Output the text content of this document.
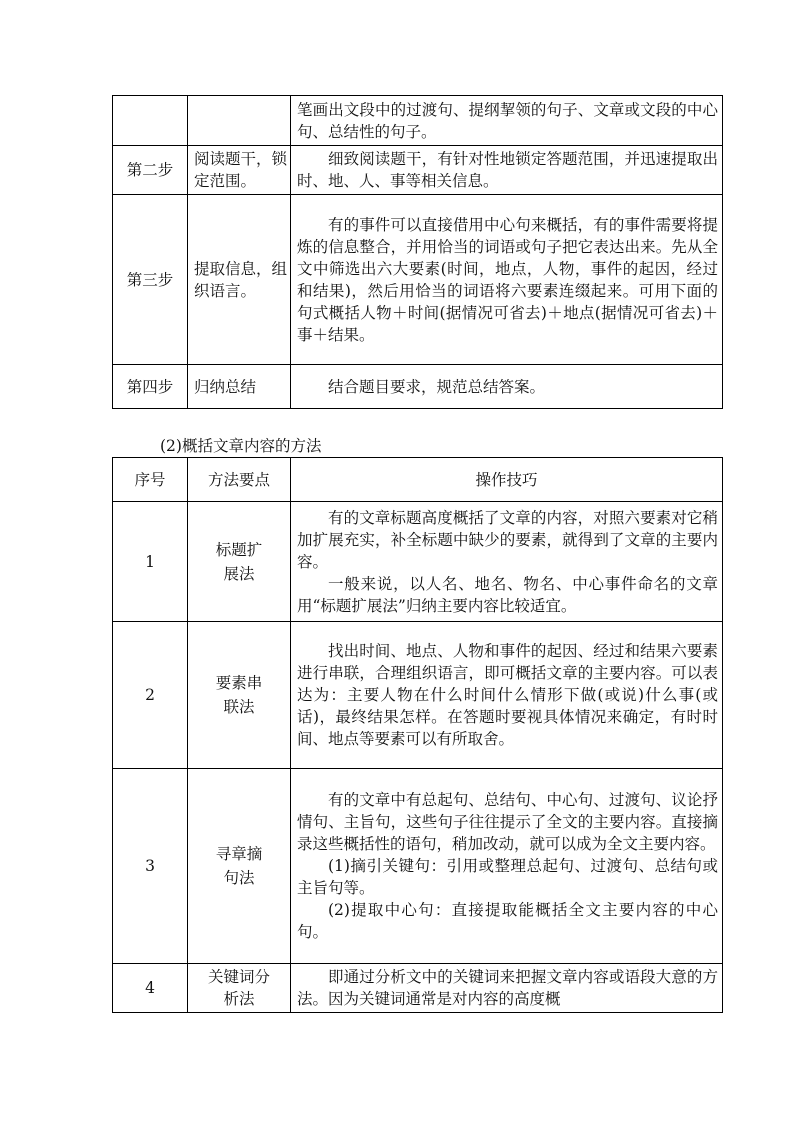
		笔画出文段中的过渡句、提纲挈领的句子、文章或文段的中心句、总结性的句子。

第二步	阅读题干，锁定范围。	细致阅读题干，有针对性地锁定答题范围，并迅速提取出时、地、人、事等相关信息。

第三步	提取信息，组织语言。	有的事件可以直接借用中心句来概括，有的事件需要将提炼的信息整合，并用恰当的词语或句子把它表达出来。先从全文中筛选出六大要素(时间，地点，人物，事件的起因，经过和结果)，然后用恰当的词语将六要素连缀起来。可用下面的句式概括人物＋时间(据情况可省去)＋地点(据情况可省去)＋事＋结果。

第四步	归纳总结	结合题目要求，规范总结答案。

(2)概括文章内容的方法

序号	方法要点	操作技巧
1	标题扩展法	有的文章标题高度概括了文章的内容，对照六要素对它稍加扩展充实，补全标题中缺少的要素，就得到了文章的主要内容。

一般来说，以人名、地名、物名、中心事件命名的文章用“标题扩展法”归纳主要内容比较适宜。

2	要素串联法	找出时间、地点、人物和事件的起因、经过和结果六要素进行串联，合理组织语言，即可概括文章的主要内容。可以表达为：主要人物在什么时间什么情形下做(或说)什么事(或话)，最终结果怎样。在答题时要视具体情况来确定，有时时间、地点等要素可以有所取舍。

3	寻章摘句法	有的文章中有总起句、总结句、中心句、过渡句、议论抒情句、主旨句，这些句子往往提示了全文的主要内容。直接摘录这些概括性的语句，稍加改动，就可以成为全文主要内容。

(1)摘引关键句：引用或整理总起句、过渡句、总结句或主旨句等。

(2)提取中心句：直接提取能概括全文主要内容的中心句。

4	关键词分析法	即通过分析文中的关键词来把握文章内容或语段大意的方法。因为关键词通常是对内容的高度概
